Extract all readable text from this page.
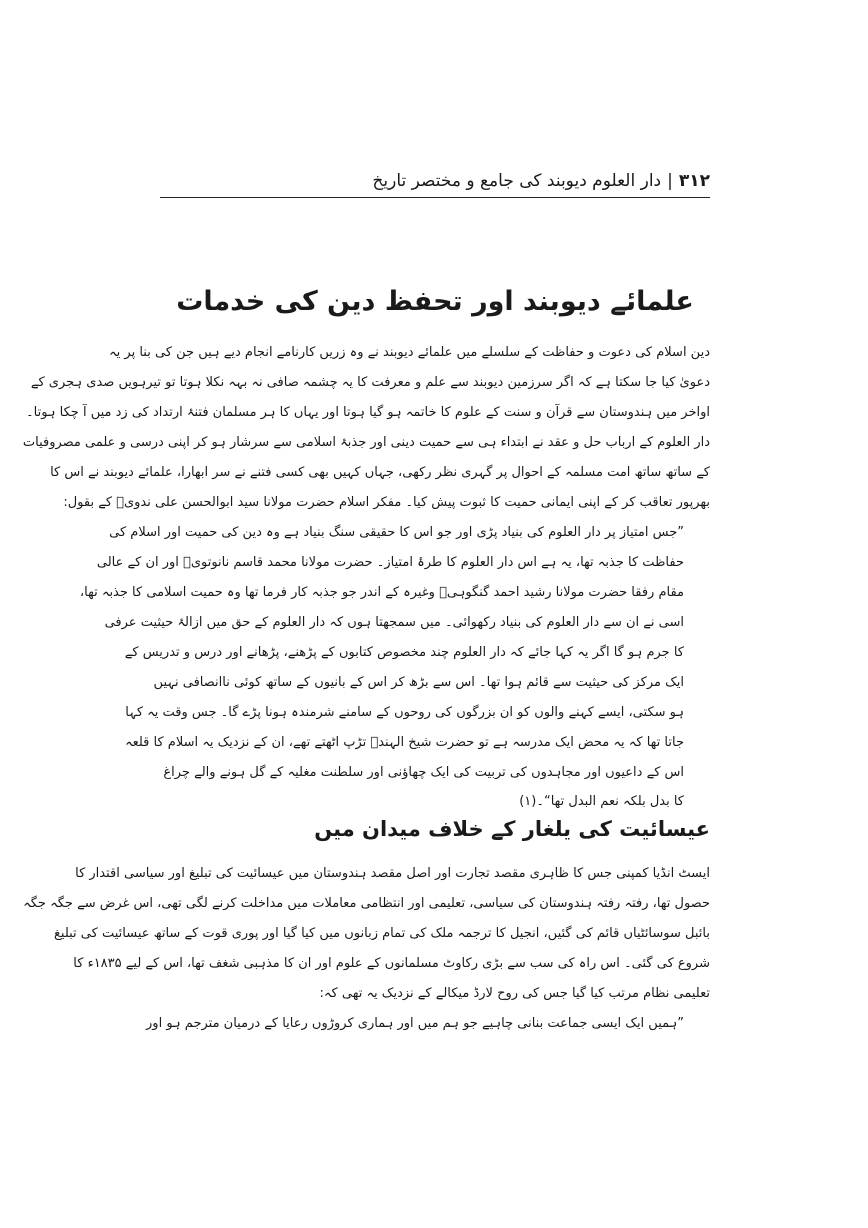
۳۱۲|دار العلوم دیوبند کی جامع و مختصر تاریخ
علمائے دیوبند اور تحفظ دین کی خدمات
دین اسلام کی دعوت و حفاظت کے سلسلے میں علمائے دیوبند نے وہ زریں کارنامے انجام دیے ہیں جن کی بنا پر یہ
دعویٰ کیا جا سکتا ہے کہ اگر سرزمین دیوبند سے علم و معرفت کا یہ چشمہ صافی نہ بہہ نکلا ہوتا تو تیرہویں صدی ہجری کے
اواخر میں ہندوستان سے قرآن و سنت کے علوم کا خاتمہ ہو گیا ہوتا اور یہاں کا ہر مسلمان فتنۂ ارتداد کی زد میں آ چکا ہوتا۔
دار العلوم کے ارباب حل و عقد نے ابتداء ہی سے حمیت دینی اور جذبۂ اسلامی سے سرشار ہو کر اپنی درسی و علمی مصروفیات
کے ساتھ ساتھ امت مسلمہ کے احوال پر گہری نظر رکھی، جہاں کہیں بھی کسی فتنے نے سر ابھارا، علمائے دیوبند نے اس کا
بھرپور تعاقب کر کے اپنی ایمانی حمیت کا ثبوت پیش کیا۔ مفکر اسلام حضرت مولانا سید ابوالحسن علی ندویؒ کے بقول:
”جس امتیاز پر دار العلوم کی بنیاد پڑی اور جو اس کا حقیقی سنگ بنیاد ہے وہ دین کی حمیت اور اسلام کی
حفاظت کا جذبہ تھا، یہ ہے اس دار العلوم کا طرۂ امتیاز۔ حضرت مولانا محمد قاسم نانوتویؒ اور ان کے عالی
مقام رفقا حضرت مولانا رشید احمد گنگوہیؒ وغیرہ کے اندر جو جذبہ کار فرما تھا وہ حمیت اسلامی کا جذبہ تھا،
اسی نے ان سے دار العلوم کی بنیاد رکھوائی۔ میں سمجھتا ہوں کہ دار العلوم کے حق میں ازالۂ حیثیت عرفی
کا جرم ہو گا اگر یہ کہا جائے کہ دار العلوم چند مخصوص کتابوں کے پڑھنے، پڑھانے اور درس و تدریس کے
ایک مرکز کی حیثیت سے قائم ہوا تھا۔ اس سے بڑھ کر اس کے بانیوں کے ساتھ کوئی ناانصافی نہیں
ہو سکتی، ایسے کہنے والوں کو ان بزرگوں کی روحوں کے سامنے شرمندہ ہونا پڑے گا۔ جس وقت یہ کہا
جاتا تھا کہ یہ محض ایک مدرسہ ہے تو حضرت شیخ الہندؒ تڑپ اٹھتے تھے، ان کے نزدیک یہ اسلام کا قلعہ
اس کے داعیوں اور مجاہدوں کی تربیت کی ایک چھاؤنی اور سلطنت مغلیہ کے گل ہونے والے چراغ
کا بدل بلکہ نعم البدل تھا“۔(۱)
عیسائیت کی یلغار کے خلاف میدان میں
ایسٹ انڈیا کمپنی جس کا ظاہری مقصد تجارت اور اصل مقصد ہندوستان میں عیسائیت کی تبلیغ اور سیاسی اقتدار کا
حصول تھا، رفتہ رفتہ ہندوستان کی سیاسی، تعلیمی اور انتظامی معاملات میں مداخلت کرنے لگی تھی، اس غرض سے جگہ جگہ
بائبل سوسائٹیاں قائم کی گئیں، انجیل کا ترجمہ ملک کی تمام زبانوں میں کیا گیا اور پوری قوت کے ساتھ عیسائیت کی تبلیغ
شروع کی گئی۔ اس راہ کی سب سے بڑی رکاوٹ مسلمانوں کے علوم اور ان کا مذہبی شغف تھا، اس کے لیے ۱۸۳۵ء کا
تعلیمی نظام مرتب کیا گیا جس کی روح لارڈ میکالے کے نزدیک یہ تھی کہ:
”ہمیں ایک ایسی جماعت بنانی چاہیے جو ہم میں اور ہماری کروڑوں رعایا کے درمیان مترجم ہو اور
